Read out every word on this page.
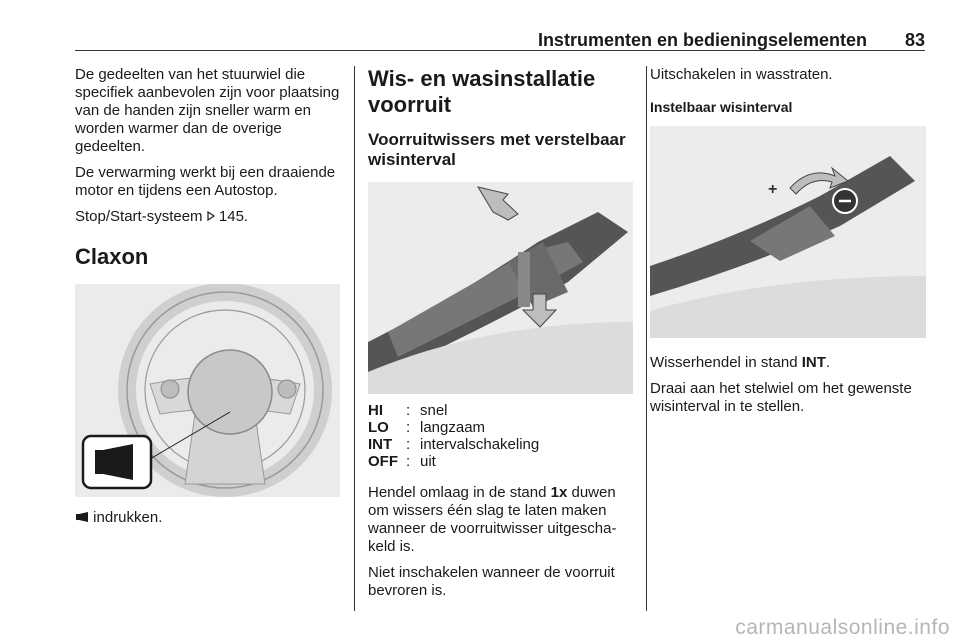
Instrumenten en bedieningselementen 83

De gedeelten van het stuurwiel die specifiek aanbevolen zijn voor plaatsing van de handen zijn sneller warm en worden warmer dan de overige gedeelten.

De verwarming werkt bij een draaiende motor en tijdens een Autostop.

Stop/Start-systeem 145.

Claxon

indrukken.

Wis- en wasinstallatie voorruit
Voorruitwissers met verstelbaar wisinterval
HI	: snel
LO	: langzaam
INT : intervalschakeling
OFF : uit

Hendel omlaag in de stand 1x duwen om wissers één slag te laten maken wanneer de voorruitwisser uitgeschakeld is.

Niet inschakelen wanneer de voorruit bevroren is.

Uitschakelen in wasstraten.

Instelbaar wisinterval
+

Wisserhendel in stand INT.

Draai aan het stelwiel om het gewenste wisinterval in te stellen.

carmanualsonline.info
